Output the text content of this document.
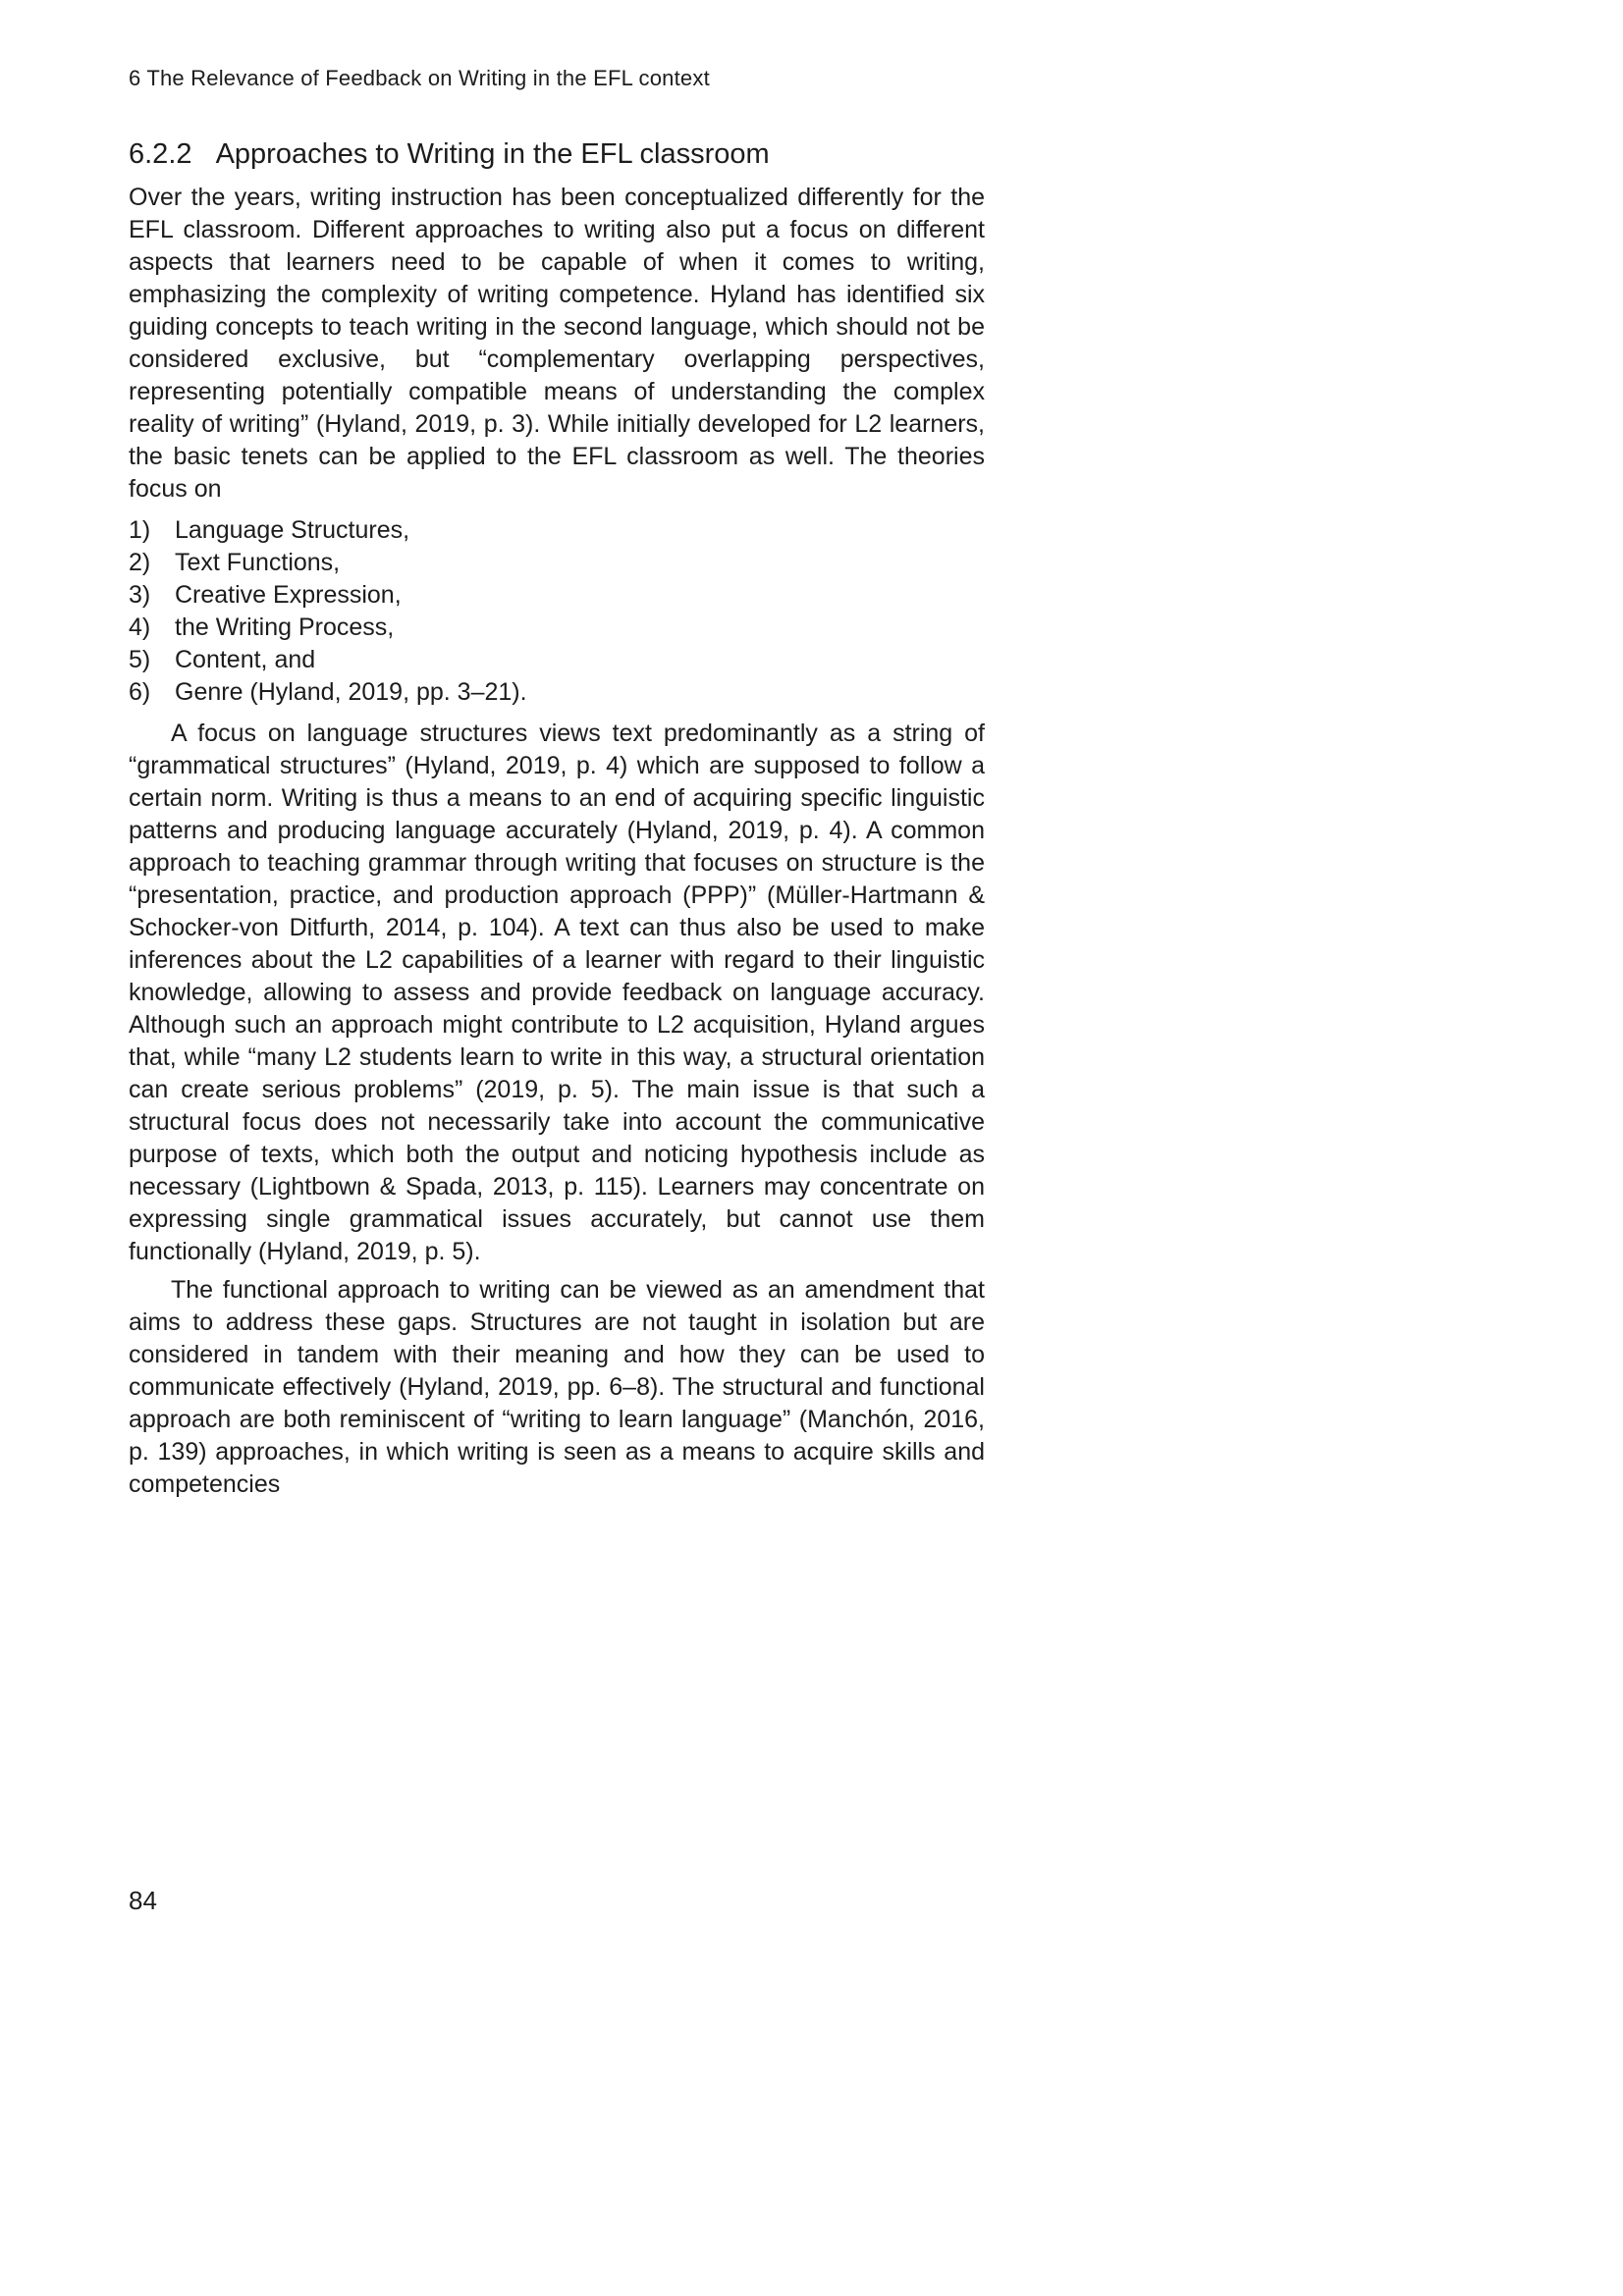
6 The Relevance of Feedback on Writing in the EFL context
6.2.2 Approaches to Writing in the EFL classroom

Over the years, writing instruction has been conceptualized differently for the EFL classroom. Different approaches to writing also put a focus on different aspects that learners need to be capable of when it comes to writing, emphasizing the complexity of writing competence. Hyland has identified six guiding concepts to teach writing in the second language, which should not be considered exclusive, but “complementary overlapping perspectives, representing potentially compatible means of understanding the complex reality of writing” (Hyland, 2019, p. 3). While initially developed for L2 learners, the basic tenets can be applied to the EFL classroom as well. The theories focus on

1) Language Structures,
2) Text Functions,
3) Creative Expression,
4) the Writing Process,
5) Content, and
6) Genre (Hyland, 2019, pp. 3–21).

A focus on language structures views text predominantly as a string of “grammatical structures” (Hyland, 2019, p. 4) which are supposed to follow a certain norm. Writing is thus a means to an end of acquiring specific linguistic patterns and producing language accurately (Hyland, 2019, p. 4). A common approach to teaching grammar through writing that focuses on structure is the “presentation, practice, and production approach (PPP)” (Müller-Hartmann & Schocker-von Ditfurth, 2014, p. 104). A text can thus also be used to make inferences about the L2 capabilities of a learner with regard to their linguistic knowledge, allowing to assess and provide feedback on language accuracy. Although such an approach might contribute to L2 acquisition, Hyland argues that, while “many L2 students learn to write in this way, a structural orientation can create serious problems” (2019, p. 5). The main issue is that such a structural focus does not necessarily take into account the communicative purpose of texts, which both the output and noticing hypothesis include as necessary (Lightbown & Spada, 2013, p. 115). Learners may concentrate on expressing single grammatical issues accurately, but cannot use them functionally (Hyland, 2019, p. 5).

The functional approach to writing can be viewed as an amendment that aims to address these gaps. Structures are not taught in isolation but are considered in tandem with their meaning and how they can be used to communicate effectively (Hyland, 2019, pp. 6–8). The structural and functional approach are both reminiscent of “writing to learn language” (Manchón, 2016, p. 139) approaches, in which writing is seen as a means to acquire skills and competencies

84
